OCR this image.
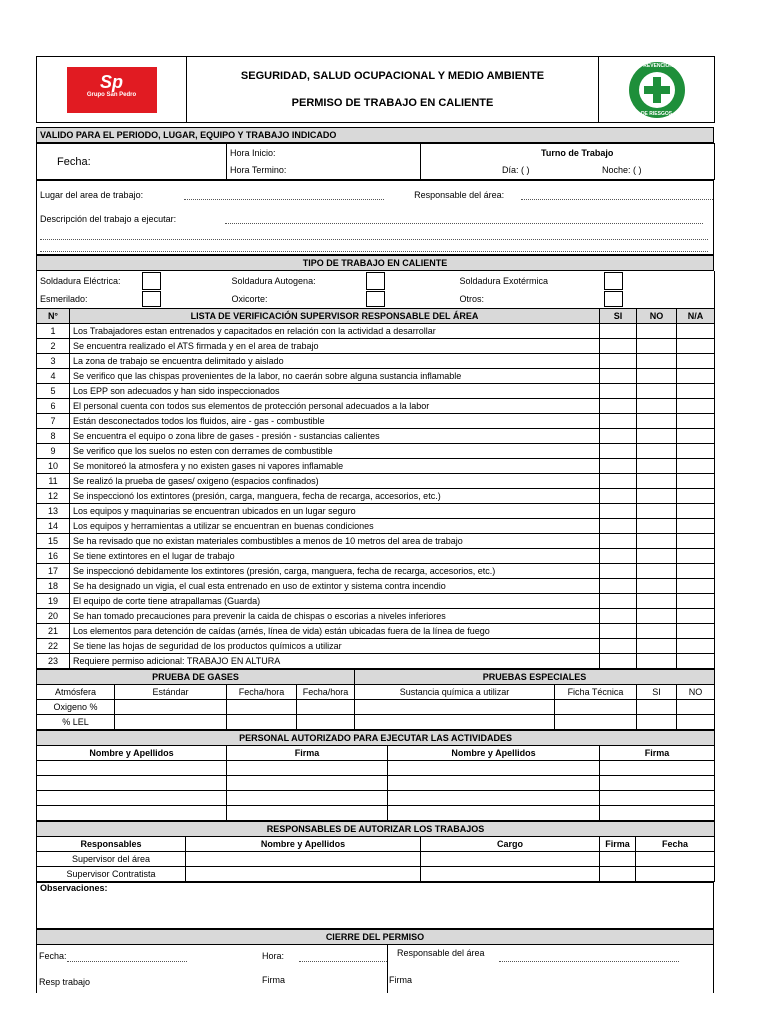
Sp
Grupo San Pedro

SEGURIDAD, SALUD OCUPACIONAL Y MEDIO AMBIENTE
PERMISO DE TRABAJO EN CALIENTE

PREVENCION
DE RIESGOS
VALIDO PARA EL PERIODO, LUGAR, EQUIPO Y TRABAJO INDICADO
Fecha:	Hora Inicio:	Turno de Trabajo
	Hora Termino:	Día: ( ) Noche: ( )
Lugar del area de trabajo:	Responsable del área:
Descripción del trabajo a ejecutar:

TIPO DE TRABAJO EN CALIENTE
Soldadura Eléctrica:		Soldadura Autogena:		Soldadura Exotérmica	
Esmerilado:		Oxicorte:		Otros:	
N°	LISTA DE VERIFICACIÓN SUPERVISOR RESPONSABLE DEL ÁREA	SI	NO	N/A
1	Los Trabajadores estan entrenados y capacitados en relación con la actividad a desarrollar			
2	Se encuentra realizado el ATS firmada y en el area de trabajo			
3	La zona de trabajo se encuentra delimitado y aislado			
4	Se verifico que las chispas provenientes de la labor, no caerán sobre alguna sustancia inflamable			
5	Los EPP son adecuados y han sido inspeccionados			
6	El personal cuenta con todos sus elementos de protección personal adecuados a la labor			
7	Están desconectados todos los fluidos, aire - gas - combustible			
8	Se encuentra el equipo o zona libre de gases - presión - sustancias calientes			
9	Se verifico que los suelos no esten con derrames de combustible			
10	Se monitoreó la atmosfera y no existen gases ni vapores inflamable			
11	Se realizó la prueba de gases/ oxigeno (espacios confinados)			
12	Se inspeccionó los extintores (presión, carga, manguera, fecha de recarga, accesorios, etc.)			
13	Los equipos y maquinarias se encuentran ubicados en un lugar seguro			
14	Los equipos y herramientas a utilizar se encuentran en buenas condiciones			
15	Se ha revisado que no existan materiales combustibles a menos de 10 metros del area de trabajo			
16	Se tiene extintores en el lugar de trabajo			
17	Se inspeccionó debidamente los extintores (presión, carga, manguera, fecha de recarga, accesorios, etc.)			
18	Se ha designado un vigia, el cual esta entrenado en uso de extintor y sistema contra incendio			
19	El equipo de corte tiene atrapallamas (Guarda)			
20	Se han tomado precauciones para prevenir la caida de chispas o escorias a niveles inferiores			
21	Los elementos para detención de caídas (arnés, línea de vida) están ubicadas fuera de la línea de fuego			
22	Se tiene las hojas de seguridad de los productos químicos a utilizar			
23	Requiere permiso adicional: TRABAJO EN ALTURA			
PRUEBA DE GASES				PRUEBAS ESPECIALES			
Atmósfera	Estándar	Fecha/hora	Fecha/hora	Sustancia química a utilizar	Ficha Técnica	SI	NO
Oxigeno %							
% LEL							
PERSONAL AUTORIZADO PARA EJECUTAR LAS ACTIVIDADES			
Nombre y Apellidos	Firma	Nombre y Apellidos	Firma

RESPONSABLES DE AUTORIZAR LOS TRABAJOS				
Responsables	Nombre y Apellidos	Cargo	Firma	Fecha
Supervisor del área				
Supervisor Contratista				
Observaciones:
CIERRE DEL PERMISO
Fecha:	Hora:	Responsable del área
Resp trabajo	Firma	Firma
